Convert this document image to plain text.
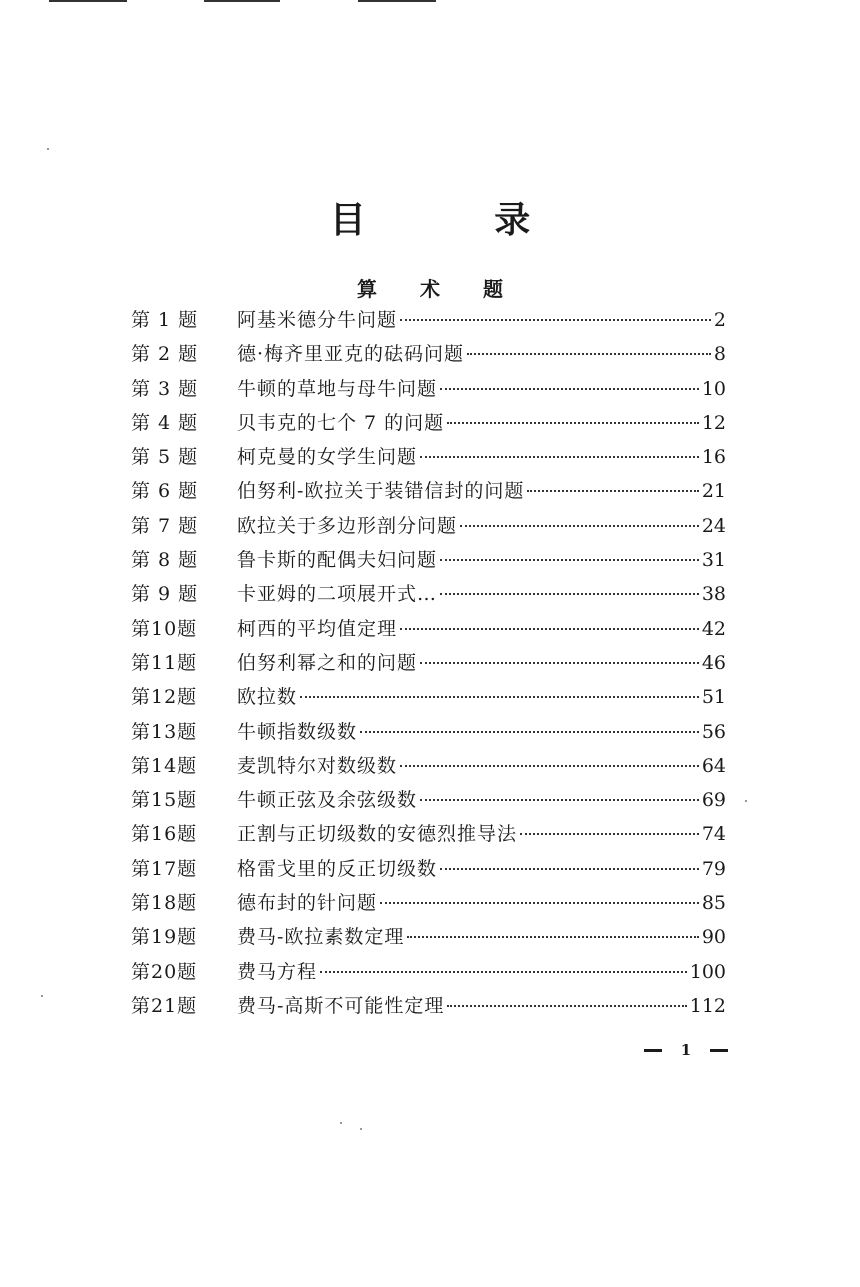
目 录
算 术 题
第 1 题	阿基米德分牛问题	2
第 2 题	德·梅齐里亚克的砝码问题	8
第 3 题	牛顿的草地与母牛问题	10
第 4 题	贝韦克的七个 7 的问题	12
第 5 题	柯克曼的女学生问题	16
第 6 题	伯努利-欧拉关于装错信封的问题	21
第 7 题	欧拉关于多边形剖分问题	24
第 8 题	鲁卡斯的配偶夫妇问题	31
第 9 题	卡亚姆的二项展开式…	38
第10题	柯西的平均值定理	42
第11题	伯努利幂之和的问题	46
第12题	欧拉数	51
第13题	牛顿指数级数	56
第14题	麦凯特尔对数级数	64
第15题	牛顿正弦及余弦级数	69
第16题	正割与正切级数的安德烈推导法	74
第17题	格雷戈里的反正切级数	79
第18题	德布封的针问题	85
第19题	费马-欧拉素数定理	90
第20题	费马方程	100
第21题	费马-高斯不可能性定理	112
1
